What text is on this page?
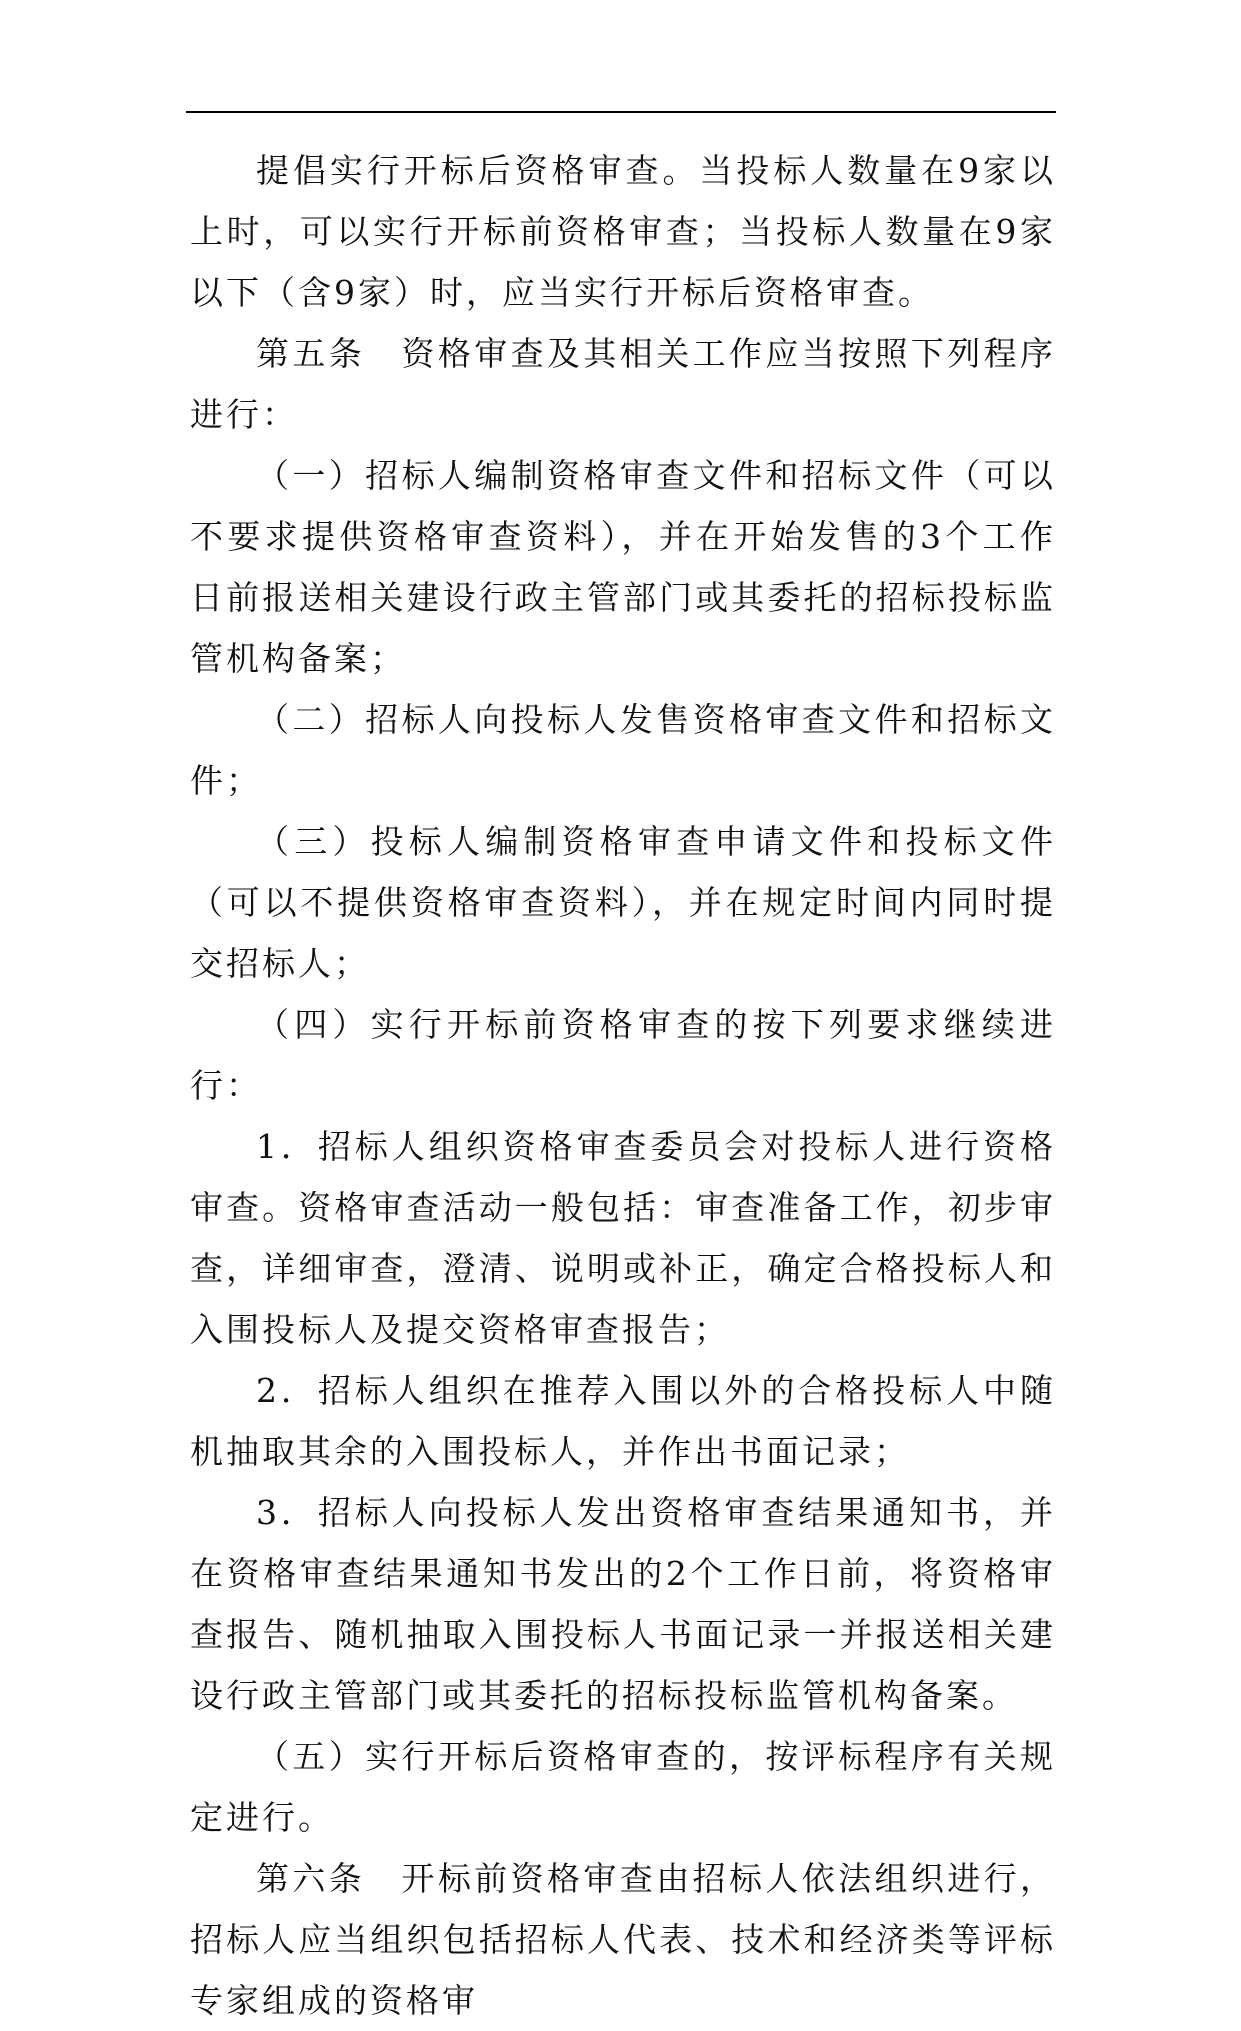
提倡实行开标后资格审查。当投标人数量在9家以上时，可以实行开标前资格审查；当投标人数量在9家以下（含9家）时，应当实行开标后资格审查。

第五条　资格审查及其相关工作应当按照下列程序进行：

（一）招标人编制资格审查文件和招标文件（可以不要求提供资格审查资料），并在开始发售的3个工作日前报送相关建设行政主管部门或其委托的招标投标监管机构备案；

（二）招标人向投标人发售资格审查文件和招标文件；

（三）投标人编制资格审查申请文件和投标文件（可以不提供资格审查资料），并在规定时间内同时提交招标人；

（四）实行开标前资格审查的按下列要求继续进行：

1．招标人组织资格审查委员会对投标人进行资格审查。资格审查活动一般包括：审查准备工作，初步审查，详细审查，澄清、说明或补正，确定合格投标人和入围投标人及提交资格审查报告；

2．招标人组织在推荐入围以外的合格投标人中随机抽取其余的入围投标人，并作出书面记录；

3．招标人向投标人发出资格审查结果通知书，并在资格审查结果通知书发出的2个工作日前，将资格审查报告、随机抽取入围投标人书面记录一并报送相关建设行政主管部门或其委托的招标投标监管机构备案。

（五）实行开标后资格审查的，按评标程序有关规定进行。

第六条　开标前资格审查由招标人依法组织进行，招标人应当组织包括招标人代表、技术和经济类等评标专家组成的资格审
